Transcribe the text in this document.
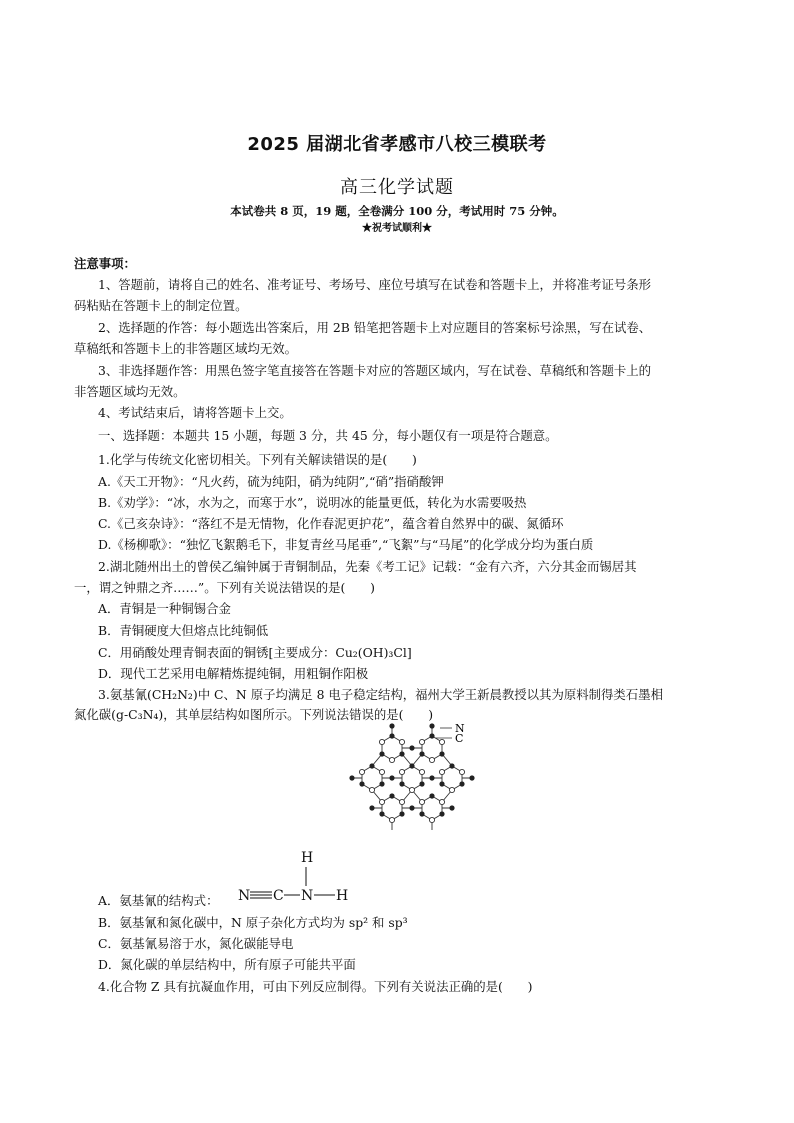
2025 届湖北省孝感市八校三模联考
高三化学试题
本试卷共 8 页，19 题，全卷满分 100 分，考试用时 75 分钟。
★祝考试顺利★
注意事项：
1、答题前，请将自己的姓名、准考证号、考场号、座位号填写在试卷和答题卡上，并将准考证号条形
码粘贴在答题卡上的制定位置。
2、选择题的作答：每小题选出答案后，用 2B 铅笔把答题卡上对应题目的答案标号涂黑，写在试卷、
草稿纸和答题卡上的非答题区域均无效。
3、非选择题作答：用黑色签字笔直接答在答题卡对应的答题区域内，写在试卷、草稿纸和答题卡上的
非答题区域均无效。
4、考试结束后，请将答题卡上交。
一、选择题：本题共 15 小题，每题 3 分，共 45 分，每小题仅有一项是符合题意。
1.化学与传统文化密切相关。下列有关解读错误的是(　　)
A.《天工开物》：“凡火药，硫为纯阳，硝为纯阴”,“硝”指硝酸钾
B.《劝学》：“冰，水为之，而寒于水”，说明冰的能量更低，转化为水需要吸热
C.《己亥杂诗》：“落红不是无情物，化作春泥更护花”，蕴含着自然界中的碳、氮循环
D.《杨柳歌》：“独忆飞絮鹅毛下，非复青丝马尾垂”,“飞絮”与“马尾”的化学成分均为蛋白质
2.湖北随州出土的曾侯乙编钟属于青铜制品，先秦《考工记》记载：“金有六齐，六分其金而锡居其
一，谓之钟鼎之齐……”。下列有关说法错误的是(　　)
A．青铜是一种铜锡合金
B．青铜硬度大但熔点比纯铜低
C．用硝酸处理青铜表面的铜锈[主要成分：Cu₂(OH)₃Cl]
D．现代工艺采用电解精炼提纯铜，用粗铜作阳极
3.氨基氰(CH₂N₂)中 C、N 原子均满足 8 电子稳定结构，福州大学王新晨教授以其为原料制得类石墨相
氮化碳(g-C₃N₄)，其单层结构如图所示。下列说法错误的是(　　)
N
C
H
N C N H
A．氨基氰的结构式：
B．氨基氰和氮化碳中，N 原子杂化方式均为 sp² 和 sp³
C．氨基氰易溶于水，氮化碳能导电
D．氮化碳的单层结构中，所有原子可能共平面
4.化合物 Z 具有抗凝血作用，可由下列反应制得。下列有关说法正确的是(　　)
